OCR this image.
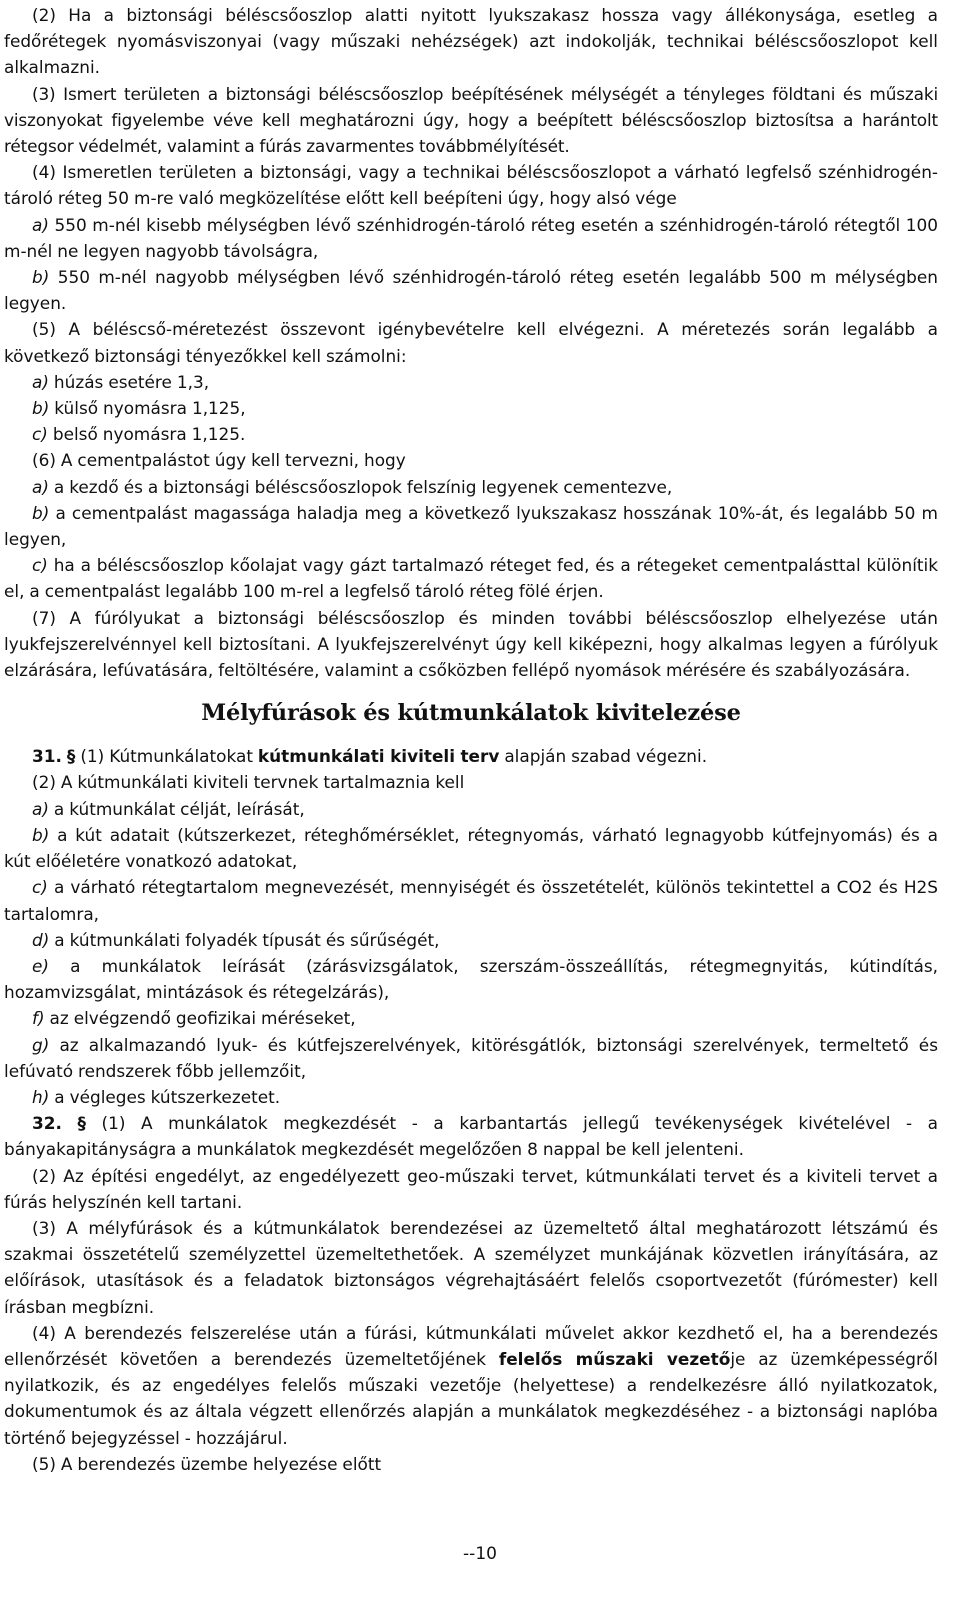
(2) Ha a biztonsági béléscsőoszlop alatti nyitott lyukszakasz hossza vagy állékonysága, esetleg a fedőrétegek nyomásviszonyai (vagy műszaki nehézségek) azt indokolják, technikai béléscsőoszlopot kell alkalmazni.

(3) Ismert területen a biztonsági béléscsőoszlop beépítésének mélységét a tényleges földtani és műszaki viszonyokat figyelembe véve kell meghatározni úgy, hogy a beépített béléscsőoszlop biztosítsa a harántolt rétegsor védelmét, valamint a fúrás zavarmentes továbbmélyítését.

(4) Ismeretlen területen a biztonsági, vagy a technikai béléscsőoszlopot a várható legfelső szénhidrogén-tároló réteg 50 m-re való megközelítése előtt kell beépíteni úgy, hogy alsó vége

a) 550 m-nél kisebb mélységben lévő szénhidrogén-tároló réteg esetén a szénhidrogén-tároló rétegtől 100 m-nél ne legyen nagyobb távolságra,

b) 550 m-nél nagyobb mélységben lévő szénhidrogén-tároló réteg esetén legalább 500 m mélységben legyen.

(5) A béléscső-méretezést összevont igénybevételre kell elvégezni. A méretezés során legalább a következő biztonsági tényezőkkel kell számolni:

a) húzás esetére 1,3,

b) külső nyomásra 1,125,

c) belső nyomásra 1,125.

(6) A cementpalástot úgy kell tervezni, hogy

a) a kezdő és a biztonsági béléscsőoszlopok felszínig legyenek cementezve,

b) a cementpalást magassága haladja meg a következő lyukszakasz hosszának 10%-át, és legalább 50 m legyen,

c) ha a béléscsőoszlop kőolajat vagy gázt tartalmazó réteget fed, és a rétegeket cementpalásttal különítik el, a cementpalást legalább 100 m-rel a legfelső tároló réteg fölé érjen.

(7) A fúrólyukat a biztonsági béléscsőoszlop és minden további béléscsőoszlop elhelyezése után lyukfejszerelvénnyel kell biztosítani. A lyukfejszerelvényt úgy kell kiképezni, hogy alkalmas legyen a fúrólyuk elzárására, lefúvatására, feltöltésére, valamint a csőközben fellépő nyomások mérésére és szabályozására.

Mélyfúrások és kútmunkálatok kivitelezése

31. § (1) Kútmunkálatokat kútmunkálati kiviteli terv alapján szabad végezni.

(2) A kútmunkálati kiviteli tervnek tartalmaznia kell

a) a kútmunkálat célját, leírását,

b) a kút adatait (kútszerkezet, réteghőmérséklet, rétegnyomás, várható legnagyobb kútfejnyomás) és a kút előéletére vonatkozó adatokat,

c) a várható rétegtartalom megnevezését, mennyiségét és összetételét, különös tekintettel a CO2 és H2S tartalomra,

d) a kútmunkálati folyadék típusát és sűrűségét,

e) a munkálatok leírását (zárásvizsgálatok, szerszám-összeállítás, rétegmegnyitás, kútindítás, hozamvizsgálat, mintázások és rétegelzárás),

f) az elvégzendő geofizikai méréseket,

g) az alkalmazandó lyuk- és kútfejszerelvények, kitörésgátlók, biztonsági szerelvények, termeltető és lefúvató rendszerek főbb jellemzőit,

h) a végleges kútszerkezetet.

32. § (1) A munkálatok megkezdését - a karbantartás jellegű tevékenységek kivételével - a bányakapitányságra a munkálatok megkezdését megelőzően 8 nappal be kell jelenteni.

(2) Az építési engedélyt, az engedélyezett geo-műszaki tervet, kútmunkálati tervet és a kiviteli tervet a fúrás helyszínén kell tartani.

(3) A mélyfúrások és a kútmunkálatok berendezései az üzemeltető által meghatározott létszámú és szakmai összetételű személyzettel üzemeltethetőek. A személyzet munkájának közvetlen irányítására, az előírások, utasítások és a feladatok biztonságos végrehajtásáért felelős csoportvezetőt (fúrómester) kell írásban megbízni.

(4) A berendezés felszerelése után a fúrási, kútmunkálati művelet akkor kezdhető el, ha a berendezés ellenőrzését követően a berendezés üzemeltetőjének felelős műszaki vezetője az üzemképességről nyilatkozik, és az engedélyes felelős műszaki vezetője (helyettese) a rendelkezésre álló nyilatkozatok, dokumentumok és az általa végzett ellenőrzés alapján a munkálatok megkezdéséhez - a biztonsági naplóba történő bejegyzéssel - hozzájárul.

(5) A berendezés üzembe helyezése előtt

--10
